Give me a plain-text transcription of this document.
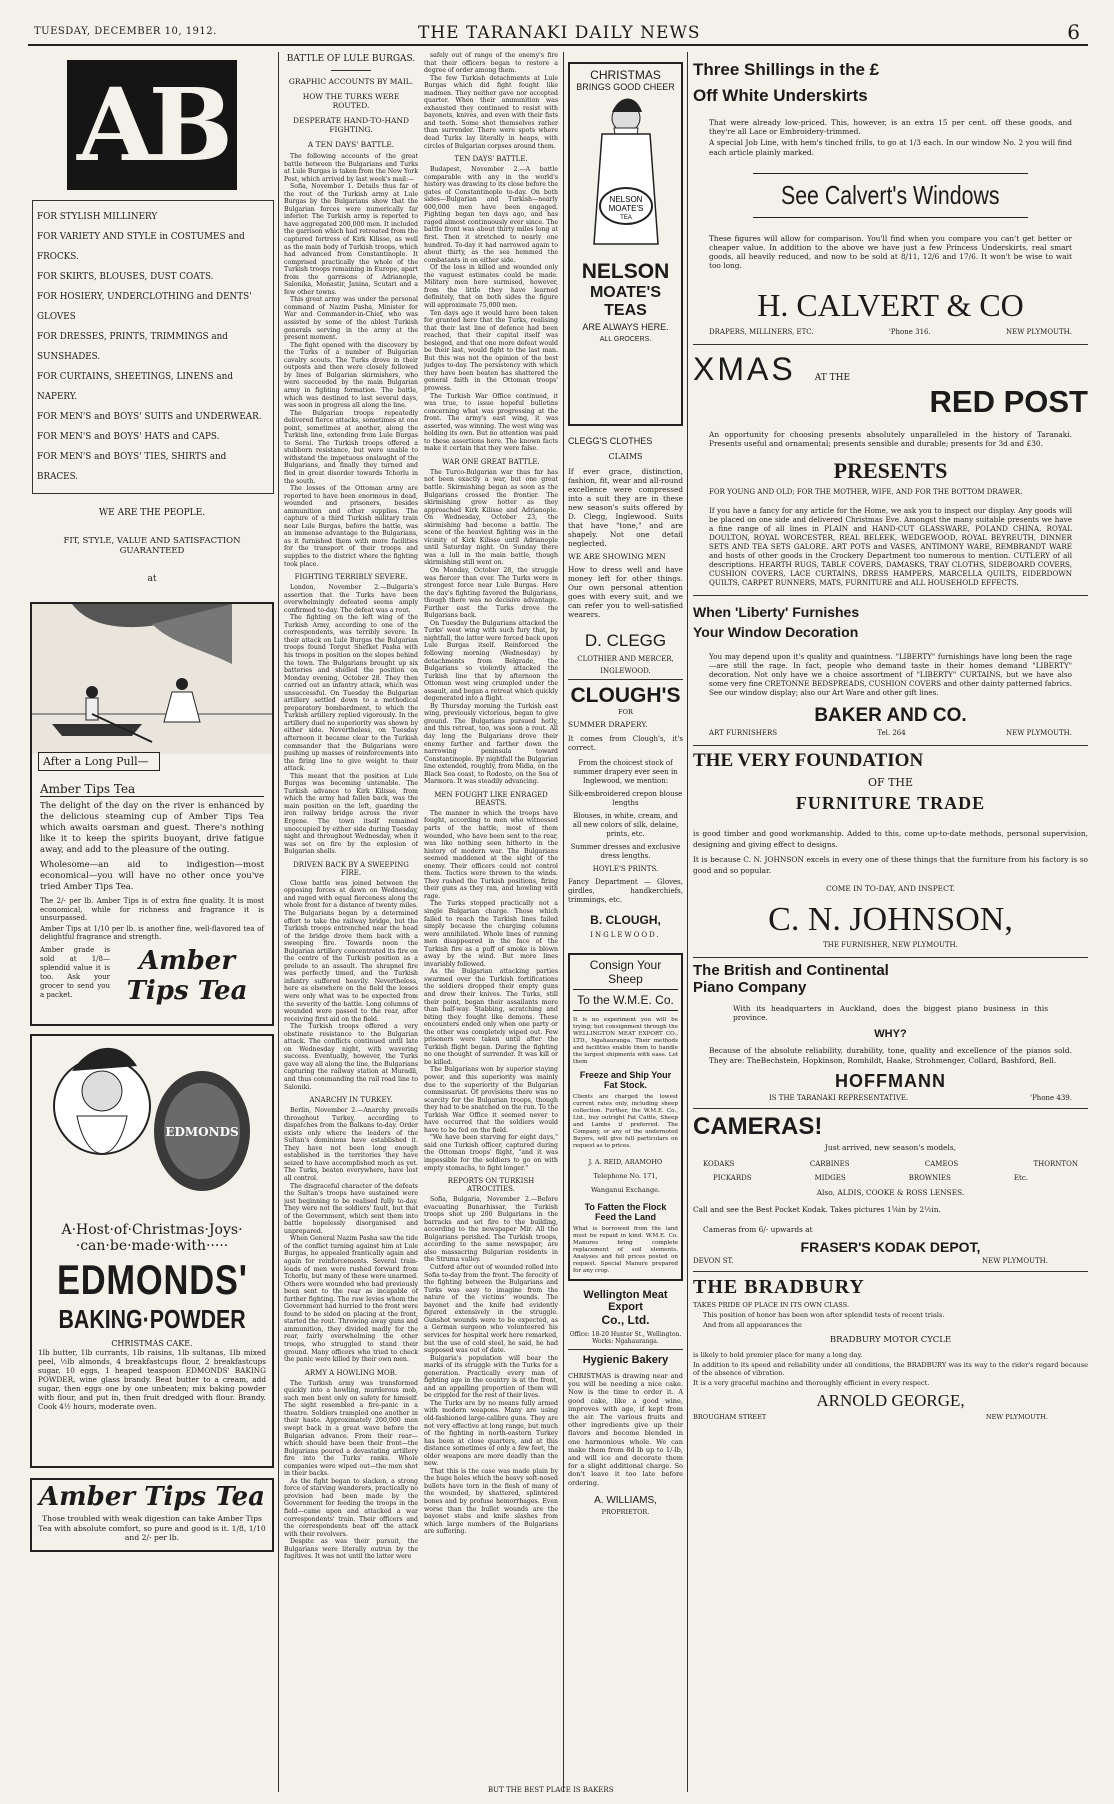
TUESDAY, DECEMBER 10, 1912.	THE TARANAKI DAILY NEWS	6
AB
FOR STYLISH MILLINERY
FOR VARIETY AND STYLE in COSTUMES and FROCKS.
FOR SKIRTS, BLOUSES, DUST COATS.
FOR HOSIERY, UNDERCLOTHING and DENTS' GLOVES
FOR DRESSES, PRINTS, TRIMMINGS and SUNSHADES.
FOR CURTAINS, SHEETINGS, LINENS and NAPERY.
FOR MEN'S and BOYS' SUITS and UNDERWEAR.
FOR MEN'S and BOYS' HATS and CAPS.
FOR MEN'S and BOYS' TIES, SHIRTS and BRACES.
WE ARE THE PEOPLE.
FIT, STYLE, VALUE AND SATISFACTION GUARANTEED
at
After a Long Pull—
Amber Tips Tea

The delight of the day on the river is enhanced by the delicious steaming cup of Amber Tips Tea which awaits oarsman and guest. There's nothing like it to keep the spirits buoyant, drive fatigue away, and add to the pleasure of the outing.

Wholesome—an aid to indigestion—most economical—you will have no other once you've tried Amber Tips Tea.

The 2/- per lb. Amber Tips is of extra fine quality. It is most economical, while for richness and fragrance it is unsurpassed.

Amber Tips at 1/10 per lb. is another fine, well-flavored tea of delightful fragrance and strength.

Amber grade is sold at 1/8—splendid value it is too. Ask your grocer to send you a packet.

Amber Tips Tea
EDMONDS
A·Host·of·Christmas·Joys·
·can·be·made·with·····
EDMONDS'
BAKING·POWDER
CHRISTMAS CAKE.

1lb butter, 1lb currants, 1lb raisins, 1lb sultanas, 1lb mixed peel, ½lb almonds, 4 breakfastcups flour, 2 breakfastcups sugar, 10 eggs, 1 heaped teaspoon EDMONDS' BAKING POWDER, wine glass brandy. Beat butter to a cream, add sugar, then eggs one by one unbeaten; mix baking powder with flour, and put in, then fruit dredged with flour. Brandy. Cook 4½ hours, moderate oven.

Amber Tips Tea

Those troubled with weak digestion can take Amber Tips Tea with absolute comfort, so pure and good is it. 1/8, 1/10 and 2/- per lb.

BATTLE OF LULE BURGAS.
GRAPHIC ACCOUNTS BY MAIL.
HOW THE TURKS WERE ROUTED.
DESPERATE HAND-TO-HAND FIGHTING.
A TEN DAYS' BATTLE.

The following accounts of the great battle between the Bulgarians and Turks at Lule Burgas is taken from the New York Post, which arrived by last week's mail:—

Sofia, November 1. Details thus far of the rout of the Turkish army at Lule Burgas by the Bulgarians show that the Bulgarian forces were numerically far inferior. The Turkish army is reported to have aggregated 200,000 men. It included the garrison which had retreated from the captured fortress of Kirk Kilisse, as well as the main body of Turkish troops, which had advanced from Constantinople. It comprised practically the whole of the Turkish troops remaining in Europe, apart from the garrisons of Adrianople, Salonika, Monastir, Janina, Scutari and a few other towns.

This great army was under the personal command of Nazim Pasha, Minister for War and Commander-in-Chief, who was assisted by some of the ablest Turkish generals serving in the army at the present moment.

The fight opened with the discovery by the Turks of a number of Bulgarian cavalry scouts. The Turks drove in their outposts and then were closely followed by lines of Bulgarian skirmishers, who were succeeded by the main Bulgarian army in fighting formation. The battle, which was destined to last several days, was soon in progress all along the line.

The Bulgarian troops repeatedly delivered fierce attacks, sometimes at one point, sometimes at another, along the Turkish line, extending from Lule Burgas to Serai. The Turkish troops offered a stubborn resistance, but were unable to withstand the impetuous onslaught of the Bulgarians, and finally they turned and fled in great disorder towards Tchorlu in the south.

The losses of the Ottoman army are reported to have been enormous in dead, wounded and prisoners, besides ammunition and other supplies. The capture of a third Turkish military train near Lule Burgas, before the battle, was an immense advantage to the Bulgarians, as it furnished them with more facilities for the transport of their troops and supplies to the district where the fighting took place.

FIGHTING TERRIBLY SEVERE.

London, November 2.—Bulgaria's assertion that the Turks have been overwhelmingly defeated seems amply confirmed to-day. The defeat was a rout.

The fighting on the left wing of the Turkish Army, according to one of the correspondents, was terribly severe. In their attack on Lule Burgas the Bulgarian troops found Torgut Shefket Pasha with his troops in position on the slopes behind the town. The Bulgarians brought up six batteries and shelled the position on Monday evening, October 28. They then carried out an infantry attack, which was unsuccessful. On Tuesday the Bulgarian artillery settled down to a methodical preparatory bombardment, to which the Turkish artillery replied vigorously. In the artillery duel no superiority was shown by either side. Nevertheless, on Tuesday afternoon it became clear to the Turkish commander that the Bulgarians were pushing up masses of reinforcements into the firing line to give weight to their attack.

This meant that the position at Lule Burgas was becoming untenable. The Turkish advance to Kirk Kilisse, from which the army had fallen back, was the main position on the left, guarding the iron railway bridge across the river Ergene. The town itself remained unoccupied by either side during Tuesday night and throughout Wednesday, when it was set on fire by the explosion of Bulgarian shells.

DRIVEN BACK BY A SWEEPING FIRE.

Close battle was joined between the opposing forces at dawn on Wednesday, and raged with equal fierceness along the whole front for a distance of twenty miles. The Bulgarians began by a determined effort to take the railway bridge, but the Turkish troops entrenched near the head of the bridge drove them back with a sweeping fire. Towards noon the Bulgarian artillery concentrated its fire on the centre of the Turkish position as a prelude to an assault. The shrapnel fire was perfectly timed, and the Turkish infantry suffered heavily. Nevertheless, here as elsewhere on the field the losses were only what was to be expected from the severity of the battle. Long columns of wounded were passed to the rear, after receiving first aid on the field.

The Turkish troops offered a very obstinate resistance to the Bulgarian attack. The conflicts continued until late on Wednesday night, with wavering success. Eventually, however, the Turks gave way all along the line, the Bulgarians capturing the railway station at Muradli, and thus commanding the rail road line to Saloniki.

ANARCHY IN TURKEY.

Berlin, November 2.—Anarchy prevails throughout Turkey, according to dispatches from the Balkans to-day. Order exists only where the leaders of the Sultan's dominions have established it. They have not been long enough established in the territories they have seized to have accomplished much as yet. The Turks, beaten everywhere, have lost all control.

The disgraceful character of the defeats the Sultan's troops have sustained were just beginning to be realised fully to-day. They were not the soldiers' fault, but that of the Government, which sent them into battle hopelessly disorganised and unprepared.

When General Nazim Pasha saw the tide of the conflict turning against him at Lule Burgas, he appealed frantically again and again for reinforcements. Several train-loads of men were rushed forward from Tchorlu, but many of these were unarmed. Others were wounded who had previously been sent to the rear as incapable of further fighting. The raw levies whom the Government had hurried to the front were found to be sided on placing at the front, started the rout. Throwing away guns and ammunition, they divided madly for the rear, fairly overwhelming the other troops, who struggled to stand their ground. Many officers who tried to check the panic were killed by their own men.

ARMY A HOWLING MOB.

The Turkish army was transformed quickly into a howling, murderous mob, such men bent only on safety for himself. The sight resembled a fire-panic in a theatre. Soldiers trampled one another in their haste. Approximately 200,000 men swept back in a great wave before the Bulgarian advance. From their rear—which should have been their front—the Bulgarians poured a devastating artillery fire into the Turks' ranks. Whole companies were wiped out—the men shot in their backs.

As the fight began to slacken, a strong force of starving wanderers, practically no provision had been made by the Government for feeding the troops in the field—came upon and attacked a war correspondents' train. Their officers and the correspondents beat off the attack with their revolvers.

Despite as was their pursuit, the Bulgarians were literally outrun by the fugitives. It was not until the latter were

safely out of range of the enemy's fire that their officers began to restore a degree of order among them.

The few Turkish detachments at Lule Burgas which did fight fought like madmen. They neither gave nor accepted quarter. When their ammunition was exhausted they continued to resist with bayonets, knives, and even with their fists and teeth. Some shot themselves rather than surrender. There were spots where dead Turks lay literally in heaps, with circles of Bulgarian corpses around them.

TEN DAYS' BATTLE.

Budapest, November 2.—A battle comparable with any in the world's history was drawing to its close before the gates of Constantinople to-day. On both sides—Bulgarian and Turkish—nearly 600,000 men have been engaged. Fighting began ten days ago, and has raged almost continuously ever since. The battle front was about thirty miles long at first. Then it stretched to nearly one hundred. To-day it had narrowed again to about thirty, as the sea hemmed the combatants in on either side.

Of the loss in killed and wounded only the vaguest estimates could be made. Military men here surmised, however, from the little they have learned definitely, that on both sides the figure will approximate 75,000 men.

Ten days ago it would have been taken for granted here that the Turks, realising that their last line of defence had been reached, that their capital itself was besieged, and that one more defeat would be their last, would fight to the last man. But this was not the opinion of the best judges to-day. The persistency with which they have been beaten has shattered the general faith in the Ottoman troops' prowess.

The Turkish War Office continued, it was true, to issue hopeful bulletins concerning what was progressing at the front. The army's east wing, it was asserted, was winning. The west wing was holding its own. But no attention was paid to these assertions here. The known facts make it certain that they were false.

WAR ONE GREAT BATTLE.

The Turco-Bulgarian war thus far has not been exactly a war, but one great battle. Skirmishing began as soon as the Bulgarians crossed the frontier. The skirmishing grew hotter as they approached Kirk Kilisse and Adrianople. On Wednesday, October 23, the skirmishing had become a battle. The scene of the heaviest fighting was in the vicinity of Kirk Kilisse until Adrianople until Saturday night. On Sunday there was a lull in the main battle, though skirmishing still went on.

On Monday, October 28, the struggle was fiercer than ever. The Turks were in strongest force near Lule Burgas. Here the day's fighting favored the Bulgarians, though there was no decisive advantage. Further east the Turks drove the Bulgarians back.

On Tuesday the Bulgarians attacked the Turks' west wing with such fury that, by nightfall, the latter were forced back upon Lule Burgas itself. Reinforced the following morning (Wednesday) by detachments from Belgrade, the Bulgarians so violently attacked the Turkish line that by afternoon the Ottoman west wing crumpled under the assault, and began a retreat which quickly degenerated into a flight.

By Thursday morning the Turkish east wing, previously victorious, began to give ground. The Bulgarians pursued hotly, and this retreat, too, was soon a rout. All day long the Bulgarians drove their enemy farther and farther down the narrowing peninsula toward Constantinople. By nightfall the Bulgarian line extended, roughly, from Midia, on the Black Sea coast, to Rodosto, on the Sea of Marmora. It was steadily advancing.

MEN FOUGHT LIKE ENRAGED BEASTS.

The manner in which the troops have fought, according to men who witnessed parts of the battle, most of them wounded, who have been sent to the rear, was like nothing seen hitherto in the history of modern war. The Bulgarians seemed maddened at the sight of the enemy. Their officers could not control them. Tactics were thrown to the winds. They rushed the Turkish positions, firing their guns as they ran, and howling with rage.

The Turks stopped practically not a single Bulgarian charge. Those which failed to reach the Turkish lines failed simply because the charging columns were annihilated. Whole lines of running men disappeared in the face of the Turkish fire as a puff of smoke is blown away by the wind. But more lines invariably followed.

As the Bulgarian attacking parties swarmed over the Turkish fortifications the soldiers dropped their empty guns and drew their knives. The Turks, still their point, began their assailants more than half-way. Stabbing, scratching and biting they fought like demons. These encounters ended only when one party or the other was completely wiped out. Few prisoners were taken until after the Turkish flight began. During the fighting no one thought of surrender. It was kill or be killed.

The Bulgarians won by superior staying power, and this superiority was mainly due to the superiority of the Bulgarian commissariat. Of provisions there was no scarcity for the Bulgarian troops, though they had to be snatched on the run. To the Turkish War Office it seemed never to have occurred that the soldiers would have to be fed on the field.

"We have been starving for eight days," said one Turkish officer, captured during the Ottoman troops' flight, "and it was impossible for the soldiers to go on with empty stomachs, to fight longer."

REPORTS ON TURKISH ATROCITIES.

Sofia, Bulgaria, November 2.—Before evacuating Bunarhissar, the Turkish troops shot up 200 Bulgarians in the barracks and set fire to the building, according to the newspaper Mir. All the Bulgarians perished. The Turkish troops, according to the same newspaper, are also massacring Bulgarian residents in the Struma valley.

Cutford after out of wounded rolled into Sofia to-day from the front. The ferocity of the fighting between the Bulgarians and Turks was easy to imagine from the nature of the victims' wounds. The bayonet and the knife had evidently figured extensively in the struggle. Gunshot wounds were to be expected, as a German surgeon who volunteered his services for hospital work here remarked, but the use of cold steel, he said, he had supposed was out of date.

Bulgaria's population will bear the marks of its struggle with the Turks for a generation. Practically every man of fighting age in the country is at the front, and an appalling proportion of them will be crippled for the rest of their lives.

The Turks are by no means fully armed with modern weapons. Many are using old-fashioned large-calibre guns. They are not very effective at long range, but much of the fighting in north-eastern Turkey has been at close quarters, and at this distance sometimes of only a few feet, the older weapons are more deadly than the new.

That this is the case was made plain by the huge holes which the heavy soft-nosed bullets have torn in the flesh of many of the wounded, by shattered, splintered bones and by profuse hemorrhages. Even worse than the bullet wounds are the bayonet stabs and knife slashes from which large numbers of the Bulgarians are suffering.

CHRISTMAS
BRINGS GOOD CHEER
NELSON
MOATE'S
TEA
NELSON
MOATE'S
TEAS
ARE ALWAYS HERE.
ALL GROCERS.
CLEGG'S CLOTHES
CLAIMS

If ever grace, distinction, fashion, fit, wear and all-round excellence were compressed into a suit they are in these new season's suits offered by D. Clegg, Inglewood. Suits that have "tone," and are shapely. Not one detail neglected.

WE ARE SHOWING MEN

How to dress well and have money left for other things. Our own personal attention goes with every suit, and we can refer you to well-satisfied wearers.

D. CLEGG
CLOTHIER AND MERCER,
INGLEWOOD.
CLOUGH'S
FOR
SUMMER DRAPERY.

It comes from Clough's, it's correct.

From the choicest stock of summer drapery ever seen in Inglewood, we mention:

Silk-embroidered crepon blouse lengths

Blouses, in white, cream, and all new colors of silk, delaine, prints, etc.

Summer dresses and exclusive dress lengths.

HOYLE'S PRINTS.

Fancy Department — Gloves, girdles, handkerchiefs, trimmings, etc.

B. CLOUGH,
INGLEWOOD.
Consign Your Sheep
To the W.M.E. Co.

It is no experiment you will be trying; but consignment through the WELLINGTON MEAT EXPORT CO., LTD., Ngahauranga. Their methods and facilities enable them to handle the largest shipments with ease. Let them

Freeze and Ship Your Fat Stock.

Clients are charged the lowest current rates only, including sheep collection. Further, the W.M.E. Co., Ltd., buy outright Fat Cattle, Sheep and Lambs if preferred. The Company, or any of the undernoted Buyers, will give full particulars on request as to prices.

J. A. REID, ARAMOHO
Telephone No. 171,
Wanganui Exchange.
To Fatten the Flock
Feed the Land

What is borrowed from the land must be repaid in kind. W.M.E. Co. Manures bring complete replacement of soil elements. Analyses and full prices posted on request. Special Manure prepared for any crop.

Wellington Meat Export
Co., Ltd.
Office: 18-20 Hunter St., Wellington.
Works: Ngahauranga.
Hygienic Bakery

CHRISTMAS is drawing near and you will be needing a nice cake. Now is the time to order it. A good cake, like a good wine, improves with age, if kept from the air. The various fruits and other ingredients give up their flavors and become blended in one harmonious whole. We can make them from 8d lb up to 1/-lb, and will ice and decorate them for a slight additional charge. So don't leave it too late before ordering.

A. WILLIAMS,
PROPRIETOR.
BUT THE BEST PLACE IS BAKERS
Three Shillings in the £
Off White Underskirts

That were already low-priced. This, however, is an extra 15 per cent. off these goods, and they're all Lace or Embroidery-trimmed.

A special Job Line, with hem's tinched frills, to go at 1/3 each. In our window No. 2 you will find each article plainly marked.

See Calvert's Windows

These figures will allow for comparison. You'll find when you compare you can't get better or cheaper value. In addition to the above we have just a few Princess Underskirts, real smart goods, all heavily reduced, and now to be sold at 8/11, 12/6 and 17/6. It won't be wise to wait too long.

H. CALVERT & CO
DRAPERS, MILLINERS, ETC.	'Phone 316.	NEW PLYMOUTH.
XMAS AT THE
RED POST

An opportunity for choosing presents absolutely unparalleled in the history of Taranaki. Presents useful and ornamental; presents sensible and durable; presents for 3d and £30.

PRESENTS
FOR YOUNG AND OLD; FOR THE MOTHER, WIFE, AND FOR THE BOTTOM DRAWER.

If you have a fancy for any article for the Home, we ask you to inspect our display. Any goods will be placed on one side and delivered Christmas Eve. Amongst the many suitable presents we have a fine range of all lines in PLAIN and HAND-CUT GLASSWARE, POLAND CHINA, ROYAL DOULTON, ROYAL WORCESTER, REAL BELEEK, WEDGEWOOD, ROYAL BEYREUTH, DINNER SETS AND TEA SETS GALORE. ART POTS and VASES, ANTIMONY WARE, REMBRANDT WARE and hosts of other goods in the Crockery Department too numerous to mention. CUTLERY of all descriptions. HEARTH RUGS, TABLE COVERS, DAMASKS, TRAY CLOTHS, SIDEBOARD COVERS, CUSHION COVERS, LACE CURTAINS, DRESS HAMPERS, MARCELLA QUILTS, EIDERDOWN QUILTS, CARPET RUNNERS, MATS, FURNITURE and ALL HOUSEHOLD EFFECTS.

When 'Liberty' Furnishes
Your Window Decoration

You may depend upon it's quality and quaintness. "LIBERTY" furnishings have long been the rage—are still the rage. In fact, people who demand taste in their homes demand "LIBERTY" decoration. Not only have we a choice assortment of "LIBERTY" CURTAINS, but we have also some very fine CRETONNE BEDSPREADS, CUSHION COVERS and other dainty patterned fabrics. See our window display; also our Art Ware and other gift lines.

BAKER AND CO.
ART FURNISHERS	Tel. 264	NEW PLYMOUTH.
THE VERY FOUNDATION
OF THE
FURNITURE TRADE

is good timber and good workmanship. Added to this, come up-to-date methods, personal supervision, designing and giving effect to designs.

It is because C. N. JOHNSON excels in every one of these things that the furniture from his factory is so good and so popular.

COME IN TO-DAY, AND INSPECT.
C. N. JOHNSON,
THE FURNISHER, NEW PLYMOUTH.
The British and Continental
Piano Company

With its headquarters in Auckland, does the biggest piano business in this province.

WHY?

Because of the absolute reliability, durability, tone, quality and excellence of the pianos sold. They are: TheBechstein, Hopkinson, Romhildt, Haake, Strohmenger, Collard, Bashford, Bell.

HOFFMANN
IS THE TARANAKI REPRESENTATIVE.	'Phone 439.
CAMERAS!
Just arrived, new season's models,
KODAKS	CARBINES	CAMEOS	THORNTON
PICKARDS	MIDGES	BROWNIES	Etc.
Also, ALDIS, COOKE & ROSS LENSES.

Call and see the Best Pocket Kodak. Takes pictures 1⅝in by 2½in.

Cameras from 6/- upwards at

FRASER'S KODAK DEPOT,
DEVON ST.	NEW PLYMOUTH.
THE BRADBURY
TAKES PRIDE OF PLACE IN ITS OWN CLASS.

This position of honor has been won after splendid tests of recent trials.

And from all appearances the
BRADBURY MOTOR CYCLE

is likely to hold premier place for many a long day.

In addition to its speed and reliability under all conditions, the BRADBURY was its way to the rider's regard because of the absence of vibration.

It is a very graceful machine and thoroughly efficient in every respect.

ARNOLD GEORGE,
BROUGHAM STREET	NEW PLYMOUTH.
